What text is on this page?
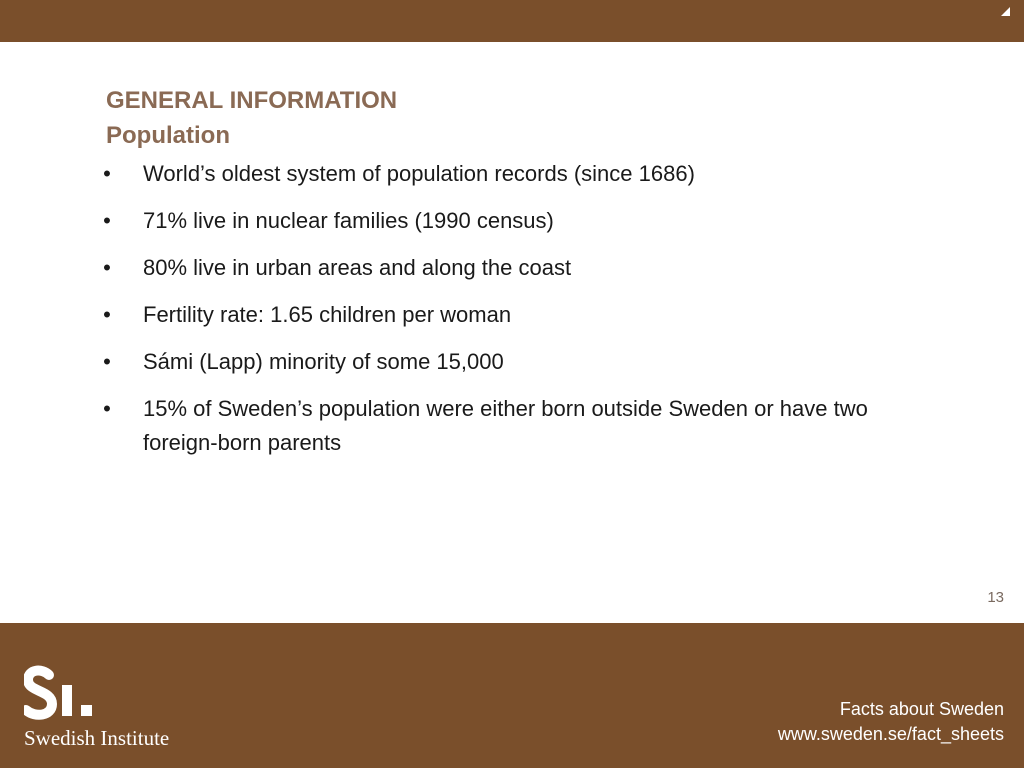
GENERAL INFORMATION
Population
• World’s oldest system of population records (since 1686)
• 71% live in nuclear families (1990 census)
• 80% live in urban areas and along the coast
• Fertility rate: 1.65 children per woman
• Sámi (Lapp) minority of some 15,000
• 15% of Sweden’s population were either born outside Sweden or have two foreign-born parents
13
Swedish Institute
Facts about Sweden
www.sweden.se/fact_sheets
